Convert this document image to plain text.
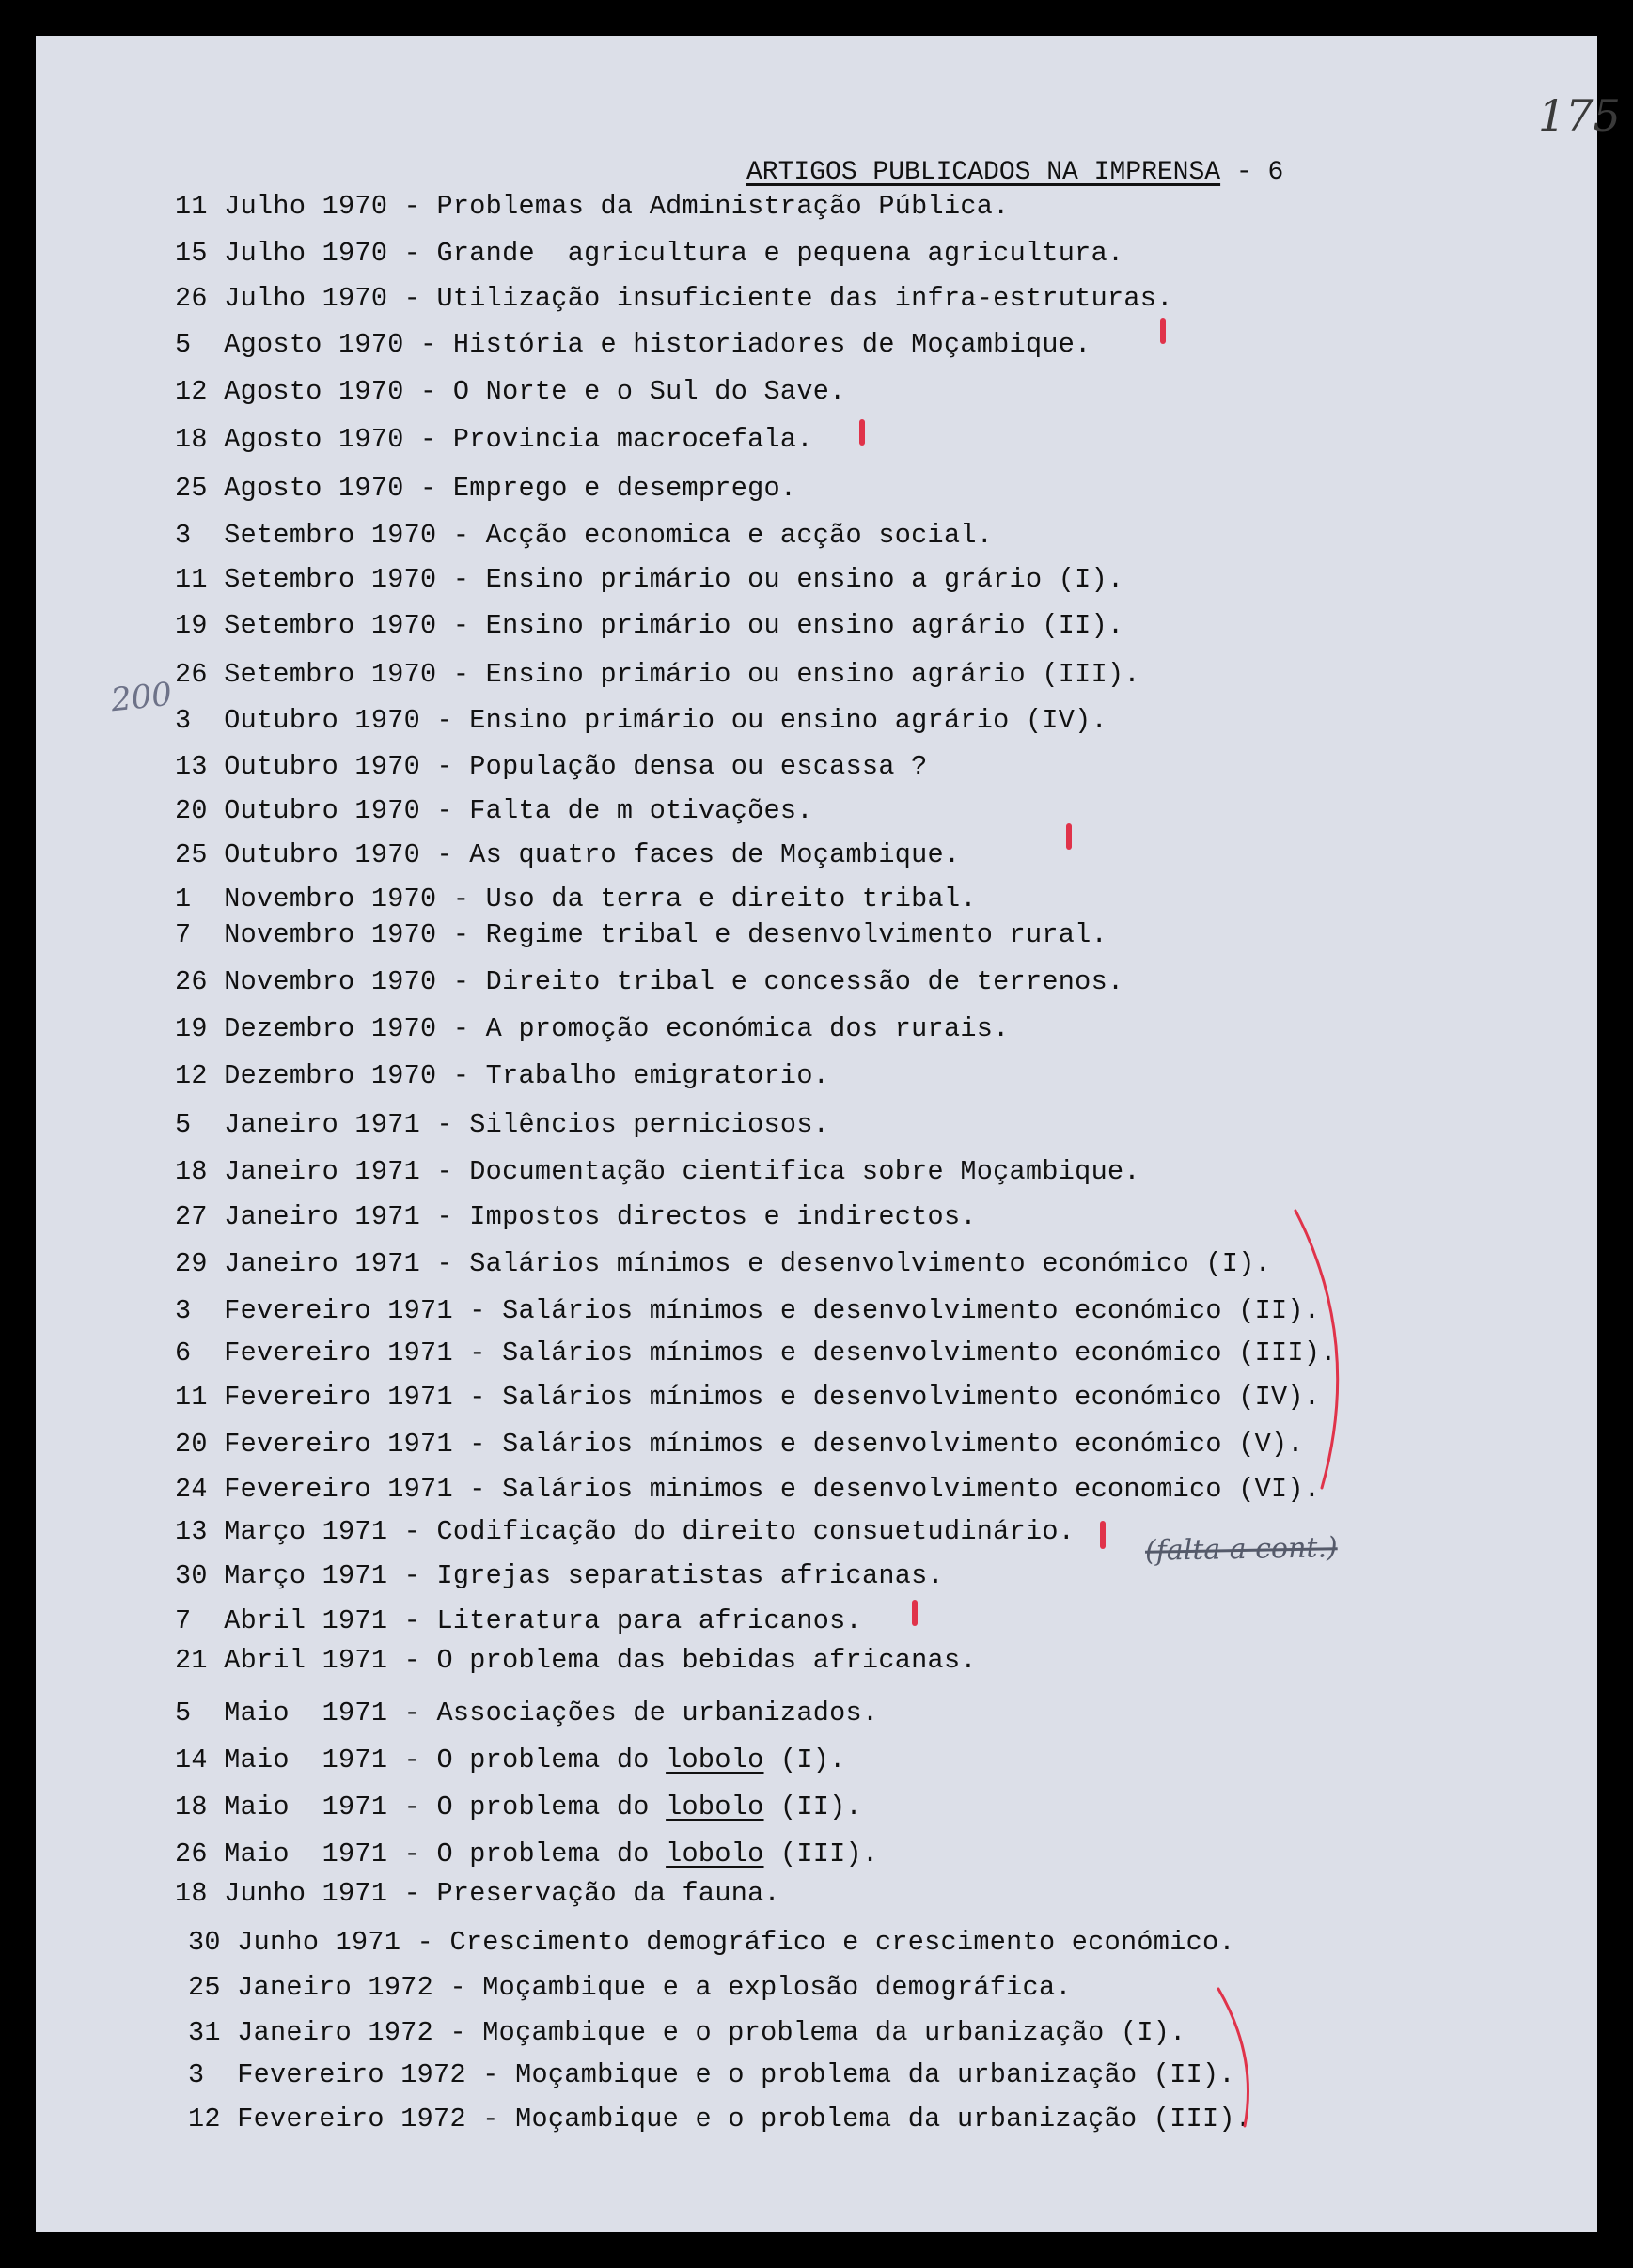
175
ARTIGOS PUBLICADOS NA IMPRENSA - 6
200
11 Julho 1970 - Problemas da Administração Pública.
15 Julho 1970 - Grande  agricultura e pequena agricultura.
26 Julho 1970 - Utilização insuficiente das infra-estruturas.
5  Agosto 1970 - História e historiadores de Moçambique.
12 Agosto 1970 - O Norte e o Sul do Save.
18 Agosto 1970 - Provincia macrocefala.
25 Agosto 1970 - Emprego e desemprego.
3  Setembro 1970 - Acção economica e acção social.
11 Setembro 1970 - Ensino primário ou ensino a grário (I).
19 Setembro 1970 - Ensino primário ou ensino agrário (II).
26 Setembro 1970 - Ensino primário ou ensino agrário (III).
3  Outubro 1970 - Ensino primário ou ensino agrário (IV).
13 Outubro 1970 - População densa ou escassa ?
20 Outubro 1970 - Falta de m otivações.
25 Outubro 1970 - As quatro faces de Moçambique.
1  Novembro 1970 - Uso da terra e direito tribal.
7  Novembro 1970 - Regime tribal e desenvolvimento rural.
26 Novembro 1970 - Direito tribal e concessão de terrenos.
19 Dezembro 1970 - A promoção económica dos rurais.
12 Dezembro 1970 - Trabalho emigratorio.
5  Janeiro 1971 - Silêncios perniciosos.
18 Janeiro 1971 - Documentação cientifica sobre Moçambique.
27 Janeiro 1971 - Impostos directos e indirectos.
29 Janeiro 1971 - Salários mínimos e desenvolvimento económico (I).
3  Fevereiro 1971 - Salários mínimos e desenvolvimento económico (II).
6  Fevereiro 1971 - Salários mínimos e desenvolvimento económico (III).
11 Fevereiro 1971 - Salários mínimos e desenvolvimento económico (IV).
20 Fevereiro 1971 - Salários mínimos e desenvolvimento económico (V).
24 Fevereiro 1971 - Salários minimos e desenvolvimento economico (VI).
13 Março 1971 - Codificação do direito consuetudinário.
30 Março 1971 - Igrejas separatistas africanas.
7  Abril 1971 - Literatura para africanos.
21 Abril 1971 - O problema das bebidas africanas.
5  Maio  1971 - Associações de urbanizados.
14 Maio  1971 - O problema do lobolo (I).
18 Maio  1971 - O problema do lobolo (II).
26 Maio  1971 - O problema do lobolo (III).
18 Junho 1971 - Preservação da fauna.
30 Junho 1971 - Crescimento demográfico e crescimento económico.
25 Janeiro 1972 - Moçambique e a explosão demográfica.
31 Janeiro 1972 - Moçambique e o problema da urbanização (I).
3  Fevereiro 1972 - Moçambique e o problema da urbanização (II).
12 Fevereiro 1972 - Moçambique e o problema da urbanização (III).
(falta a cont.)
